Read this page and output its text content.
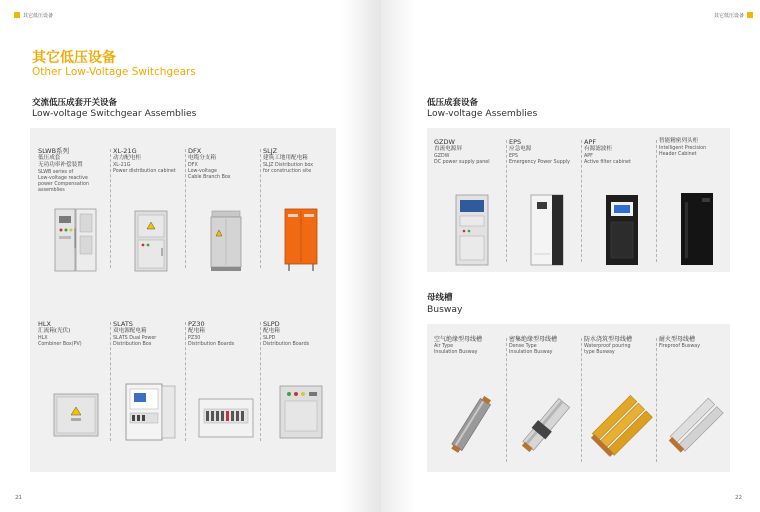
其它低压设备
其它低压设备
Other Low-Voltage Switchgears
交流低压成套开关设备
Low-voltage Switchgear Assemblies
SLWB系列
低压成套
无功功率补偿装置
SLWB series of
Low-voltage reactive
power Compensation
assemblies
XL-21G
动力配电柜
XL-21G
Power distribution cabinet
DFX
电缆分支箱
DFX
Low-voltage
Cable Branch Box
SLJZ
建筑工地用配电箱
SLJZ Distribution box
for construction site
HLX
汇流箱(光伏)
HLX
Combiner Box(PV)
SLATS
双电源配电箱
SLATS Dual Power
Distribution Box
PZ30
配电箱
PZ30
Distribution Boards
SLPD
配电箱
SLPD
Distribution Boards
21
其它低压设备
低压成套设备
Low-voltage Assemblies
GZDW
直流电源屏
GZDW
DC power supply panel
EPS
应急电源
EPS
Emergency Power Supply
APF
有源滤波柜
APF
Active filter cabinet
智能精密列头柜
Intelligent Precision
Header Cabinet
母线槽
Busway
空气绝缘型母线槽
Air Type
Insulation Busway
密集绝缘型母线槽
Dense Type
Insulation Busway
防水浇筑型母线槽
Waterproof pouring
type Busway
耐火型母线槽
Fireproof Busway
22
